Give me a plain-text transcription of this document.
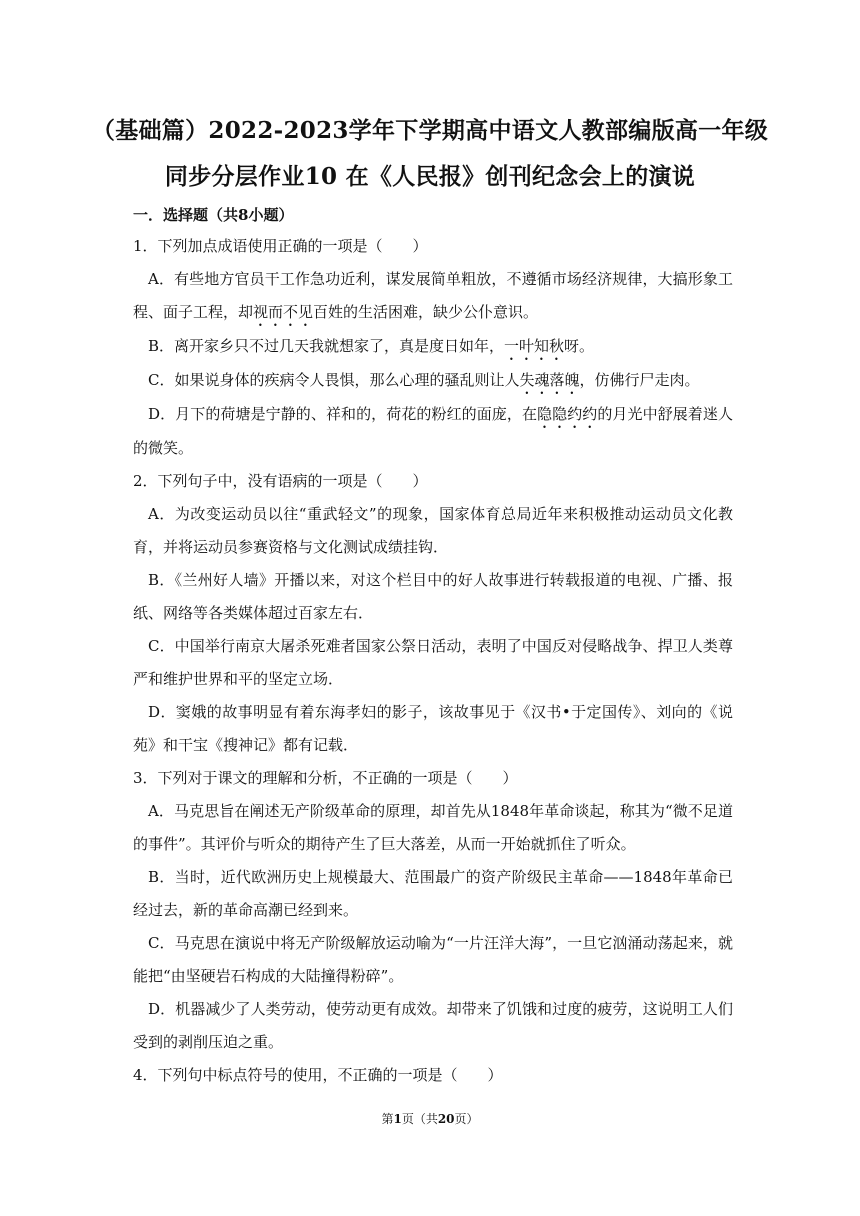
（基础篇）2022-2023学年下学期高中语文人教部编版高一年级
同步分层作业10 在《人民报》创刊纪念会上的演说
一．选择题（共8小题）

1．下列加点成语使用正确的一项是（　　）

A．有些地方官员干工作急功近利，谋发展简单粗放，不遵循市场经济规律，大搞形象工程、面子工程，却视而不见百姓的生活困难，缺少公仆意识。

B．离开家乡只不过几天我就想家了，真是度日如年，一叶知秋呀。

C．如果说身体的疾病令人畏惧，那么心理的骚乱则让人失魂落魄，仿佛行尸走肉。

D．月下的荷塘是宁静的、祥和的，荷花的粉红的面庞，在隐隐约约的月光中舒展着迷人的微笑。

2．下列句子中，没有语病的一项是（　　）

A．为改变运动员以往“重武轻文”的现象，国家体育总局近年来积极推动运动员文化教育，并将运动员参赛资格与文化测试成绩挂钩．

B．《兰州好人墙》开播以来，对这个栏目中的好人故事进行转载报道的电视、广播、报纸、网络等各类媒体超过百家左右．

C．中国举行南京大屠杀死难者国家公祭日活动，表明了中国反对侵略战争、捍卫人类尊严和维护世界和平的坚定立场．

D．窦娥的故事明显有着东海孝妇的影子，该故事见于《汉书•于定国传》、刘向的《说苑》和干宝《搜神记》都有记载．

3．下列对于课文的理解和分析，不正确的一项是（　　）

A．马克思旨在阐述无产阶级革命的原理，却首先从1848年革命谈起，称其为“微不足道的事件”。其评价与听众的期待产生了巨大落差，从而一开始就抓住了听众。

B．当时，近代欧洲历史上规模最大、范围最广的资产阶级民主革命——1848年革命已经过去，新的革命高潮已经到来。

C．马克思在演说中将无产阶级解放运动喻为“一片汪洋大海”，一旦它汹涌动荡起来，就能把“由坚硬岩石构成的大陆撞得粉碎”。

D．机器减少了人类劳动，使劳动更有成效。却带来了饥饿和过度的疲劳，这说明工人们受到的剥削压迫之重。

4．下列句中标点符号的使用，不正确的一项是（　　）

第1页（共20页）
